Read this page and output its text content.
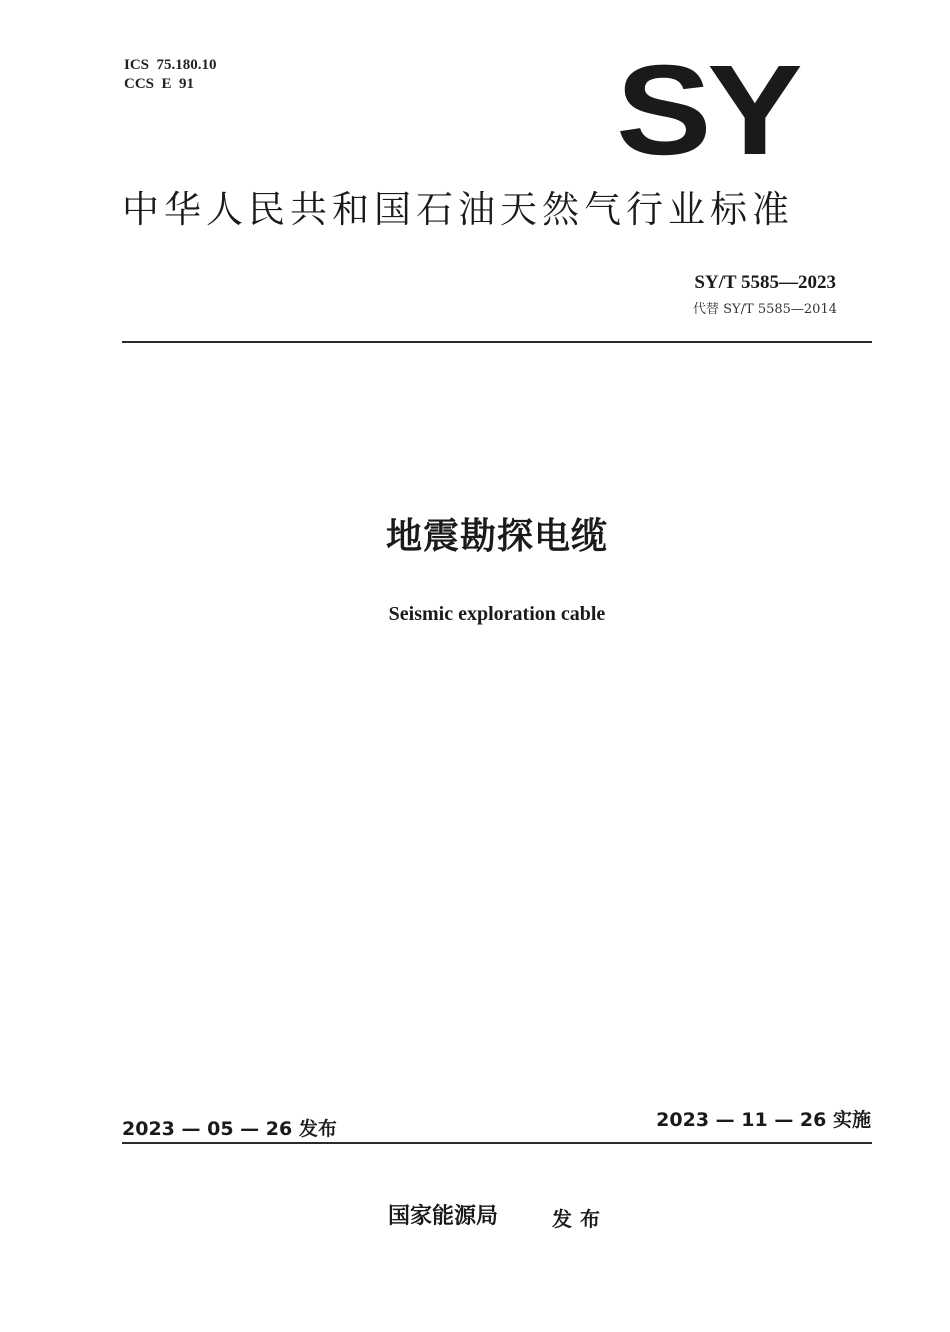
ICS  75.180.10
CCS  E  91	SY
中华人民共和国石油天然气行业标准
SY/T 5585—2023
代替 SY/T 5585—2014
地震勘探电缆
Seismic exploration cable
2023 — 05 — 26 发布	2023 — 11 — 26 实施
国家能源局	发布
